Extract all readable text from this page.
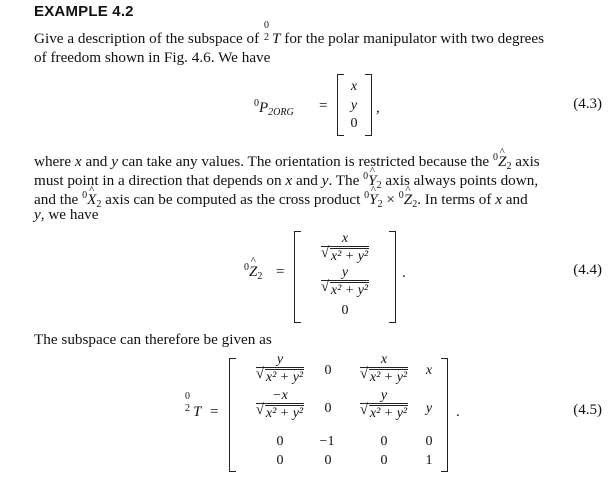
EXAMPLE 4.2
Give a description of the subspace of
0
2 T for the polar manipulator with two degrees
of freedom shown in Fig. 4.6. We have
$^0P_{2ORG}$ =
x
y
0
,	(4.3)
where x and y can take any values. The orientation is restricted because the $^0$^ $Z_2$ axis
must point in a direction that depends on x and y. The $^0$^ $Y_2$ axis always points down,
and the $^0$^ $X_2$ axis can be computed as the cross product $^0$^ $Y_2$ × $^0$^ $Z_2$. In terms of x and
y, we have
$^0$^ $Z_2$ =
$\frac{x}{\text{√ x² + y²}}$
$\frac{y}{\text{√ x² + y²}}$
0
.	(4.4)
The subspace can therefore be given as
0
2 T =
$\frac{y}{\text{√ x² + y²}}$	0	$\frac{x}{\text{√ x² + y²}}$	x
$\frac{-x}{\text{√ x² + y²}}$	0	$\frac{y}{\text{√ x² + y²}}$	y
0	−1	0	0
0	0	0	1
.	(4.5)
